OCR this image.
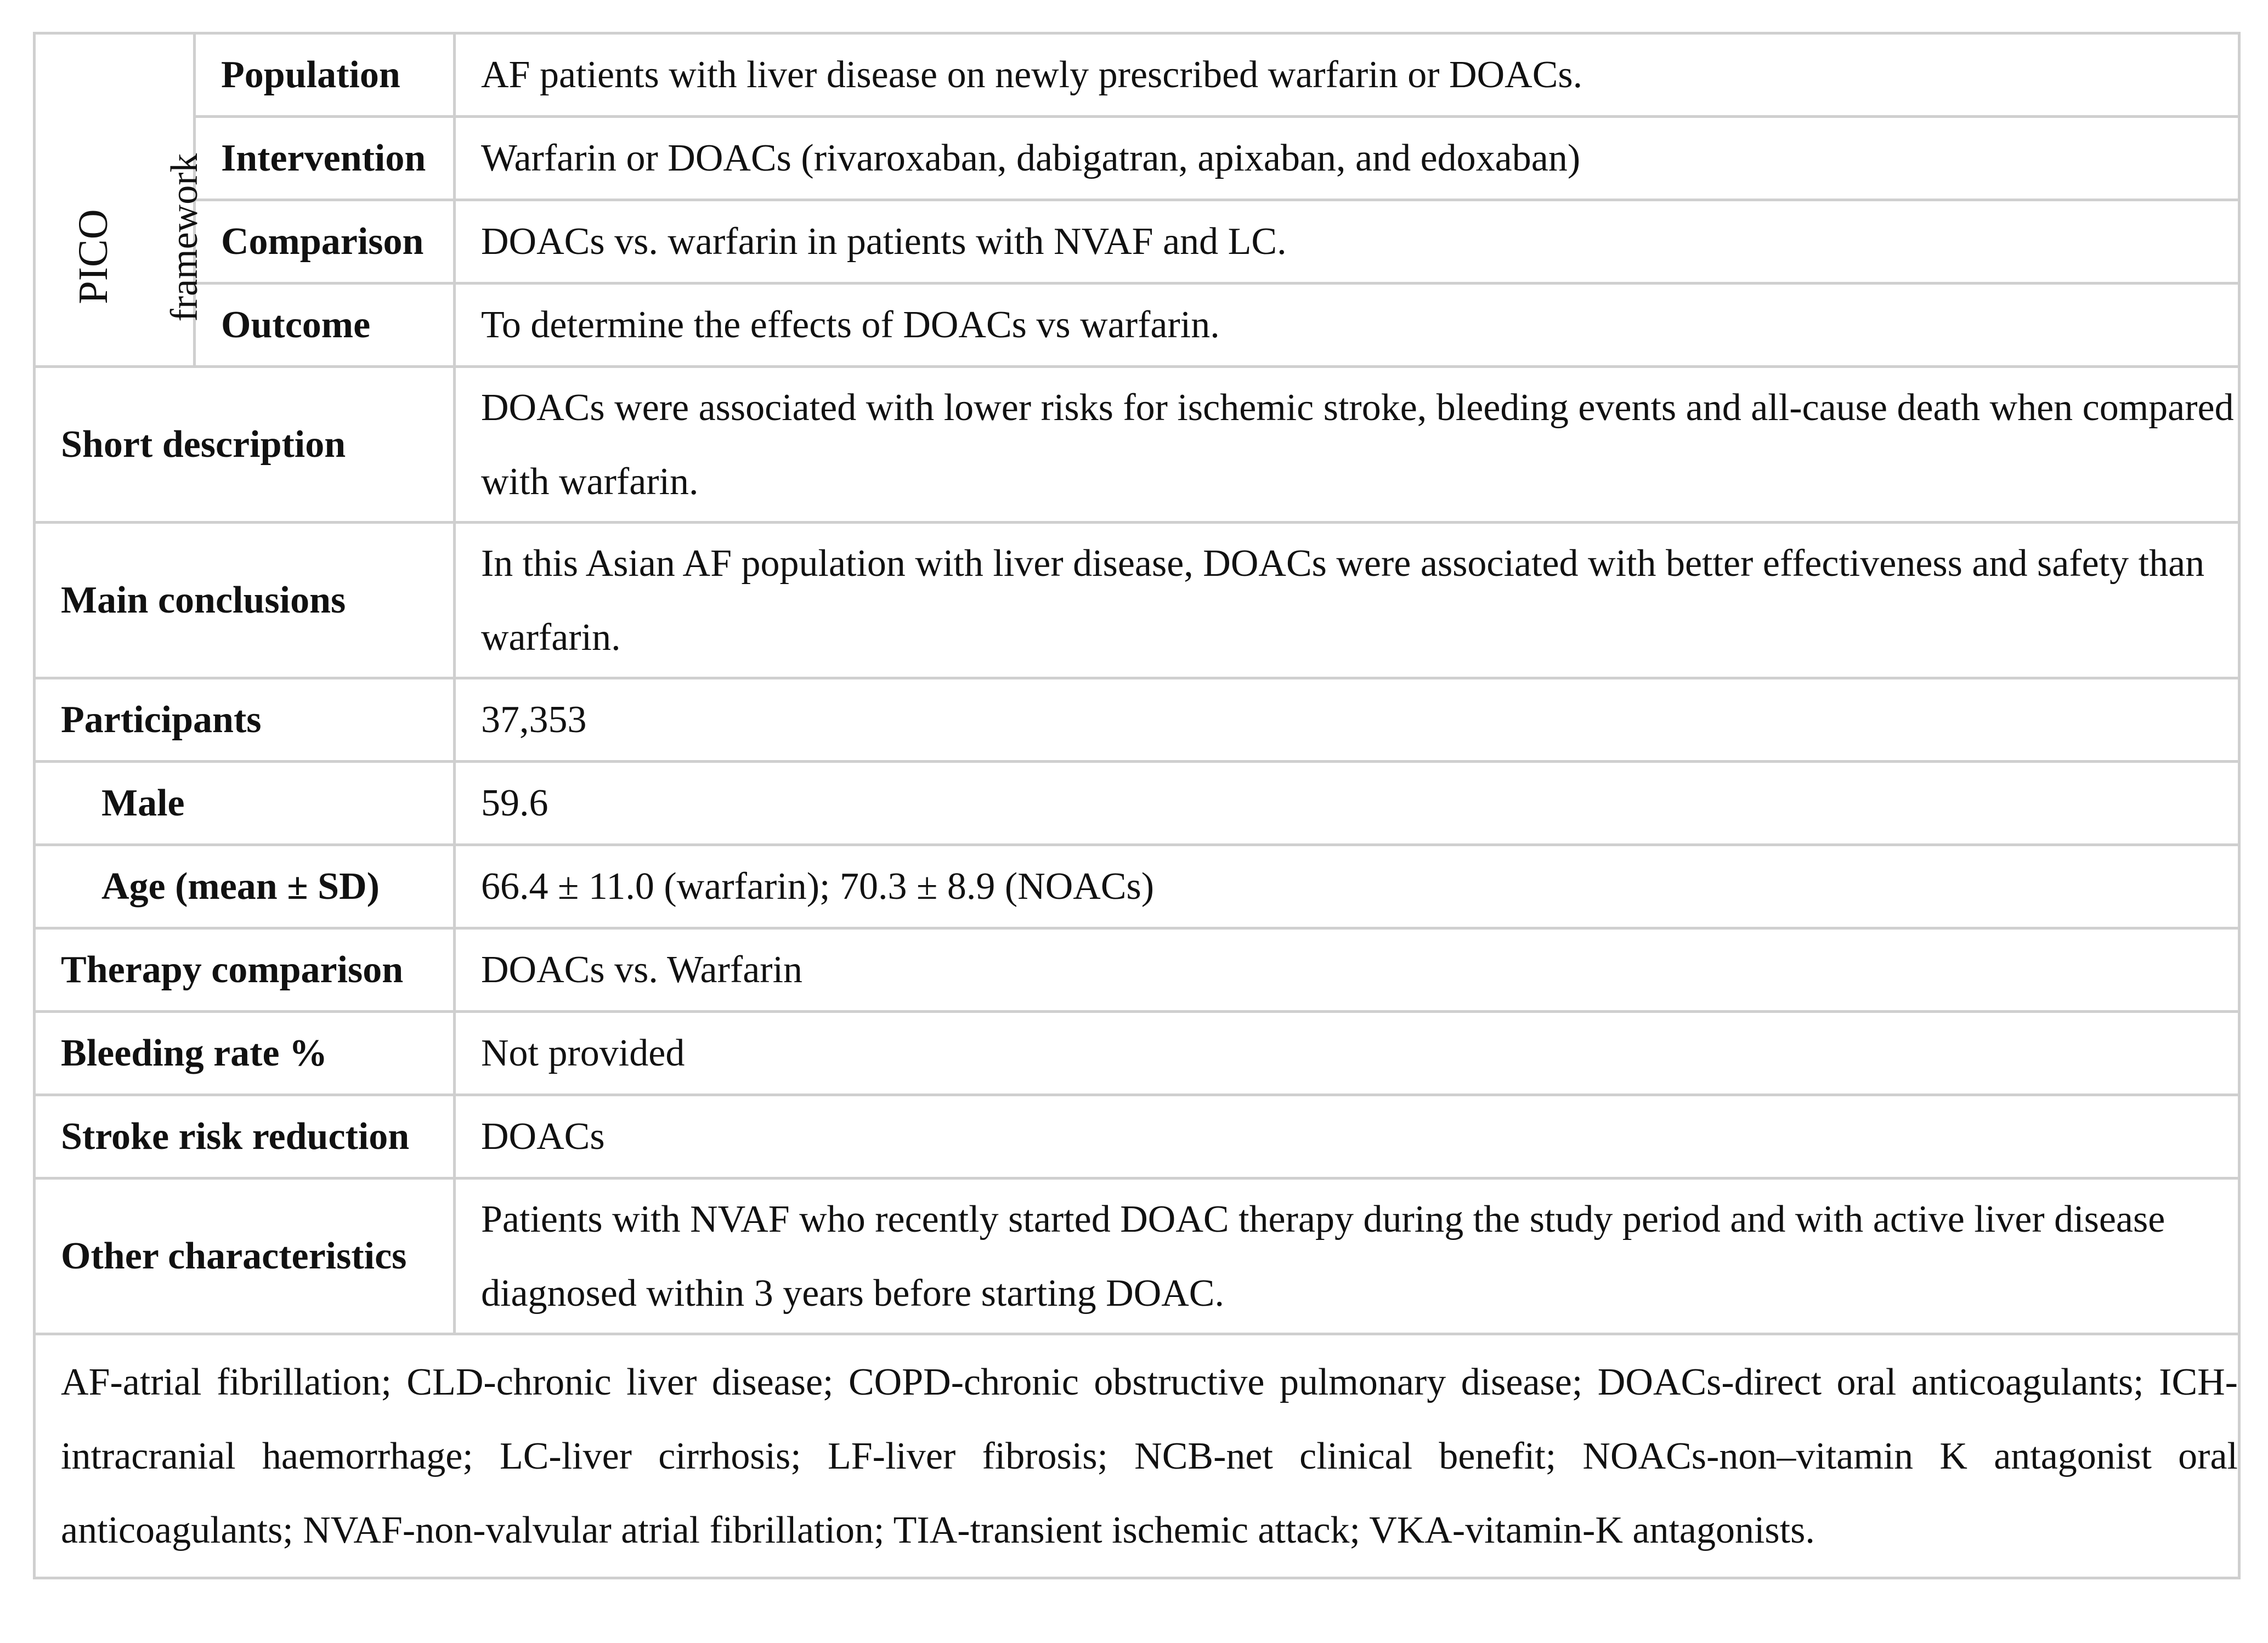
PICO framework	Population	AF patients with liver disease on newly prescribed warfarin or DOACs.
	Intervention	Warfarin or DOACs (rivaroxaban, dabigatran, apixaban, and edoxaban)
	Comparison	DOACs vs. warfarin in patients with NVAF and LC.
	Outcome	To determine the effects of DOACs vs warfarin.
Short description		DOACs were associated with lower risks for ischemic stroke, bleeding events and all-cause death when compared with warfarin.
Main conclusions		In this Asian AF population with liver disease, DOACs were associated with better effectiveness and safety than warfarin.
Participants		37,353
Male		59.6
Age (mean ± SD)		66.4 ± 11.0 (warfarin); 70.3 ± 8.9 (NOACs)
Therapy comparison		DOACs vs. Warfarin
Bleeding rate %		Not provided
Stroke risk reduction		DOACs
Other characteristics		Patients with NVAF who recently started DOAC therapy during the study period and with active liver disease diagnosed within 3 years before starting DOAC.
AF-atrial fibrillation; CLD-chronic liver disease; COPD-chronic obstructive pulmonary disease; DOACs-direct oral anticoagulants; ICH-intracranial haemorrhage; LC-liver cirrhosis; LF-liver fibrosis; NCB-net clinical benefit; NOACs-non–vitamin K antagonist oral anticoagulants; NVAF-non-valvular atrial fibrillation; TIA-transient ischemic attack; VKA-vitamin-K antagonists.		
